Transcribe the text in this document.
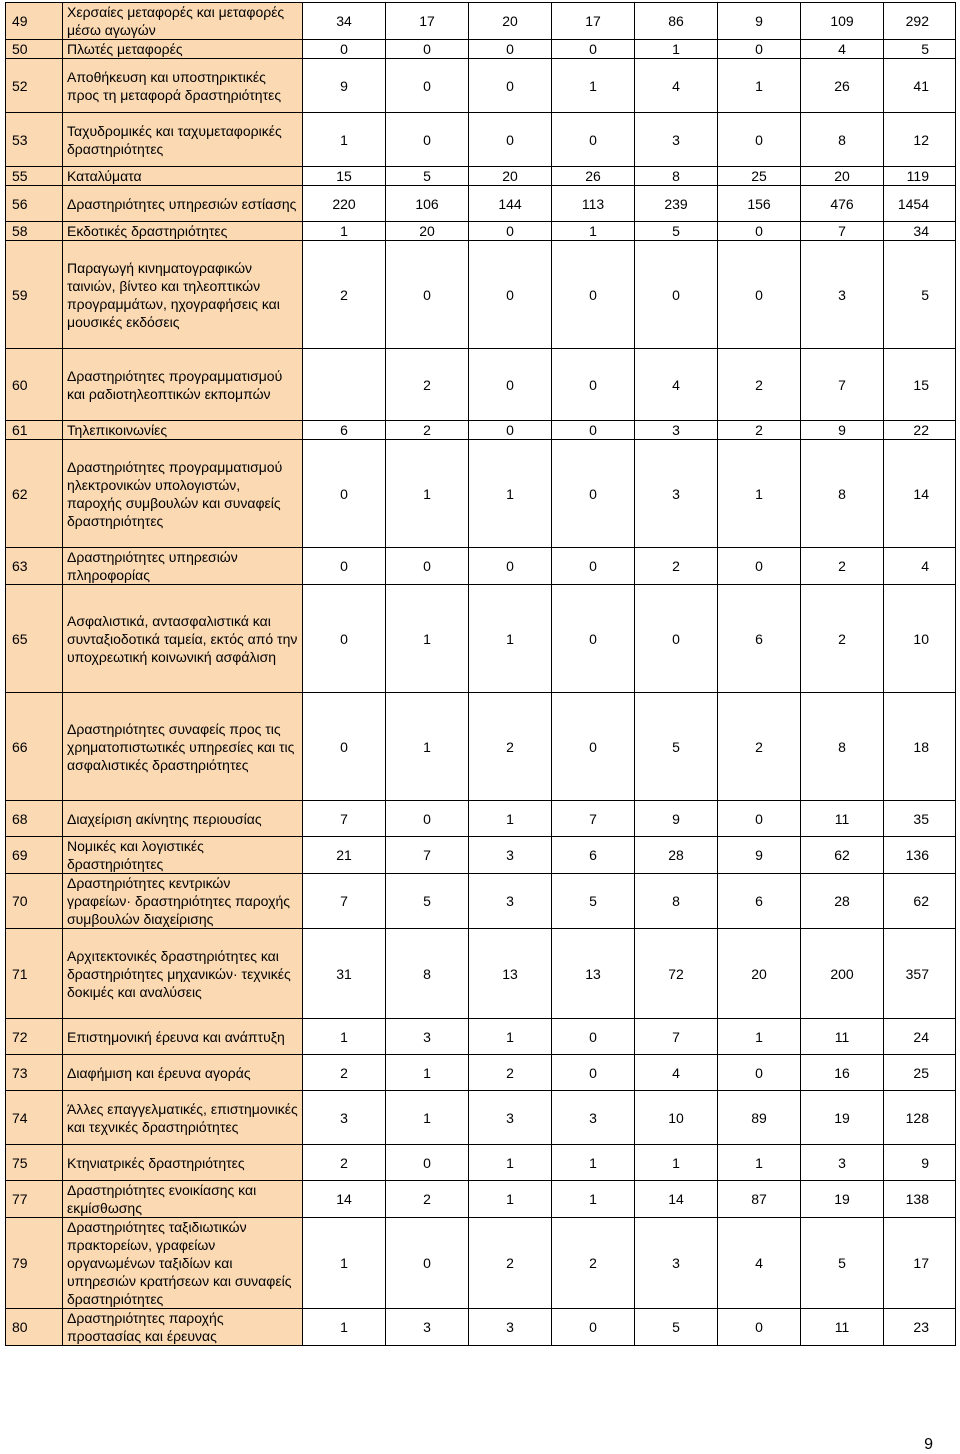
49	Χερσαίες μεταφορές και μεταφορές μέσω αγωγών	34	17	20	17	86	9	109	292
50	Πλωτές μεταφορές	0	0	0	0	1	0	4	5
52	Αποθήκευση και υποστηρικτικές προς τη μεταφορά δραστηριότητες	9	0	0	1	4	1	26	41
53	Ταχυδρομικές και ταχυμεταφορικές δραστηριότητες	1	0	0	0	3	0	8	12
55	Καταλύματα	15	5	20	26	8	25	20	119
56	Δραστηριότητες υπηρεσιών εστίασης	220	106	144	113	239	156	476	1454
58	Εκδοτικές δραστηριότητες	1	20	0	1	5	0	7	34
59	Παραγωγή κινηματογραφικών ταινιών, βίντεο και τηλεοπτικών προγραμμάτων, ηχογραφήσεις και μουσικές εκδόσεις	2	0	0	0	0	0	3	5
60	Δραστηριότητες προγραμματισμού και ραδιοτηλεοπτικών εκπομπών		2	0	0	4	2	7	15
61	Τηλεπικοινωνίες	6	2	0	0	3	2	9	22
62	Δραστηριότητες προγραμματισμού ηλεκτρονικών υπολογιστών, παροχής συμβουλών και συναφείς δραστηριότητες	0	1	1	0	3	1	8	14
63	Δραστηριότητες υπηρεσιών πληροφορίας	0	0	0	0	2	0	2	4
65	Ασφαλιστικά, αντασφαλιστικά και συνταξιοδοτικά ταμεία, εκτός από την υποχρεωτική κοινωνική ασφάλιση	0	1	1	0	0	6	2	10
66	Δραστηριότητες συναφείς προς τις χρηματοπιστωτικές υπηρεσίες και τις ασφαλιστικές δραστηριότητες	0	1	2	0	5	2	8	18
68	Διαχείριση ακίνητης περιουσίας	7	0	1	7	9	0	11	35
69	Νομικές και λογιστικές δραστηριότητες	21	7	3	6	28	9	62	136
70	Δραστηριότητες κεντρικών γραφείων· δραστηριότητες παροχής συμβουλών διαχείρισης	7	5	3	5	8	6	28	62
71	Αρχιτεκτονικές δραστηριότητες και δραστηριότητες μηχανικών· τεχνικές δοκιμές και αναλύσεις	31	8	13	13	72	20	200	357
72	Επιστημονική έρευνα και ανάπτυξη	1	3	1	0	7	1	11	24
73	Διαφήμιση και έρευνα αγοράς	2	1	2	0	4	0	16	25
74	Άλλες επαγγελματικές, επιστημονικές και τεχνικές δραστηριότητες	3	1	3	3	10	89	19	128
75	Κτηνιατρικές δραστηριότητες	2	0	1	1	1	1	3	9
77	Δραστηριότητες ενοικίασης και εκμίσθωσης	14	2	1	1	14	87	19	138
79	Δραστηριότητες ταξιδιωτικών πρακτορείων, γραφείων οργανωμένων ταξιδίων και υπηρεσιών κρατήσεων και συναφείς δραστηριότητες	1	0	2	2	3	4	5	17
80	Δραστηριότητες παροχής προστασίας και έρευνας	1	3	3	0	5	0	11	23
9
